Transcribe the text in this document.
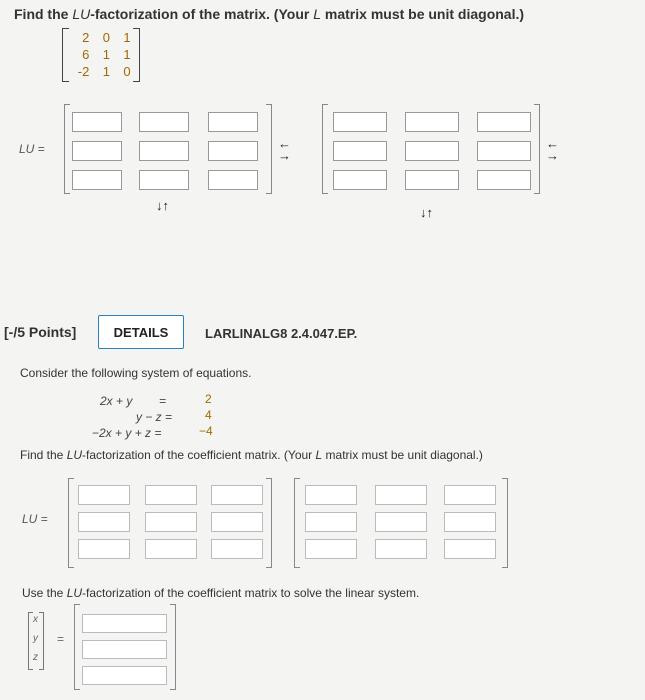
Find the LU-factorization of the matrix. (Your L matrix must be unit diagonal.)
2	0	1
6	1	1
-2	1	0
LU =
↓↑
←
→
↓↑
←
→
[-/5 Points]	DETAILS	LARLINALG8 2.4.047.EP.
Consider the following system of equations.
2x + y        =	2
y − z =	4
−2x + y + z =	−4
Find the LU-factorization of the coefficient matrix. (Your L matrix must be unit diagonal.)
LU =
Use the LU-factorization of the coefficient matrix to solve the linear system.
x
y
z
=
